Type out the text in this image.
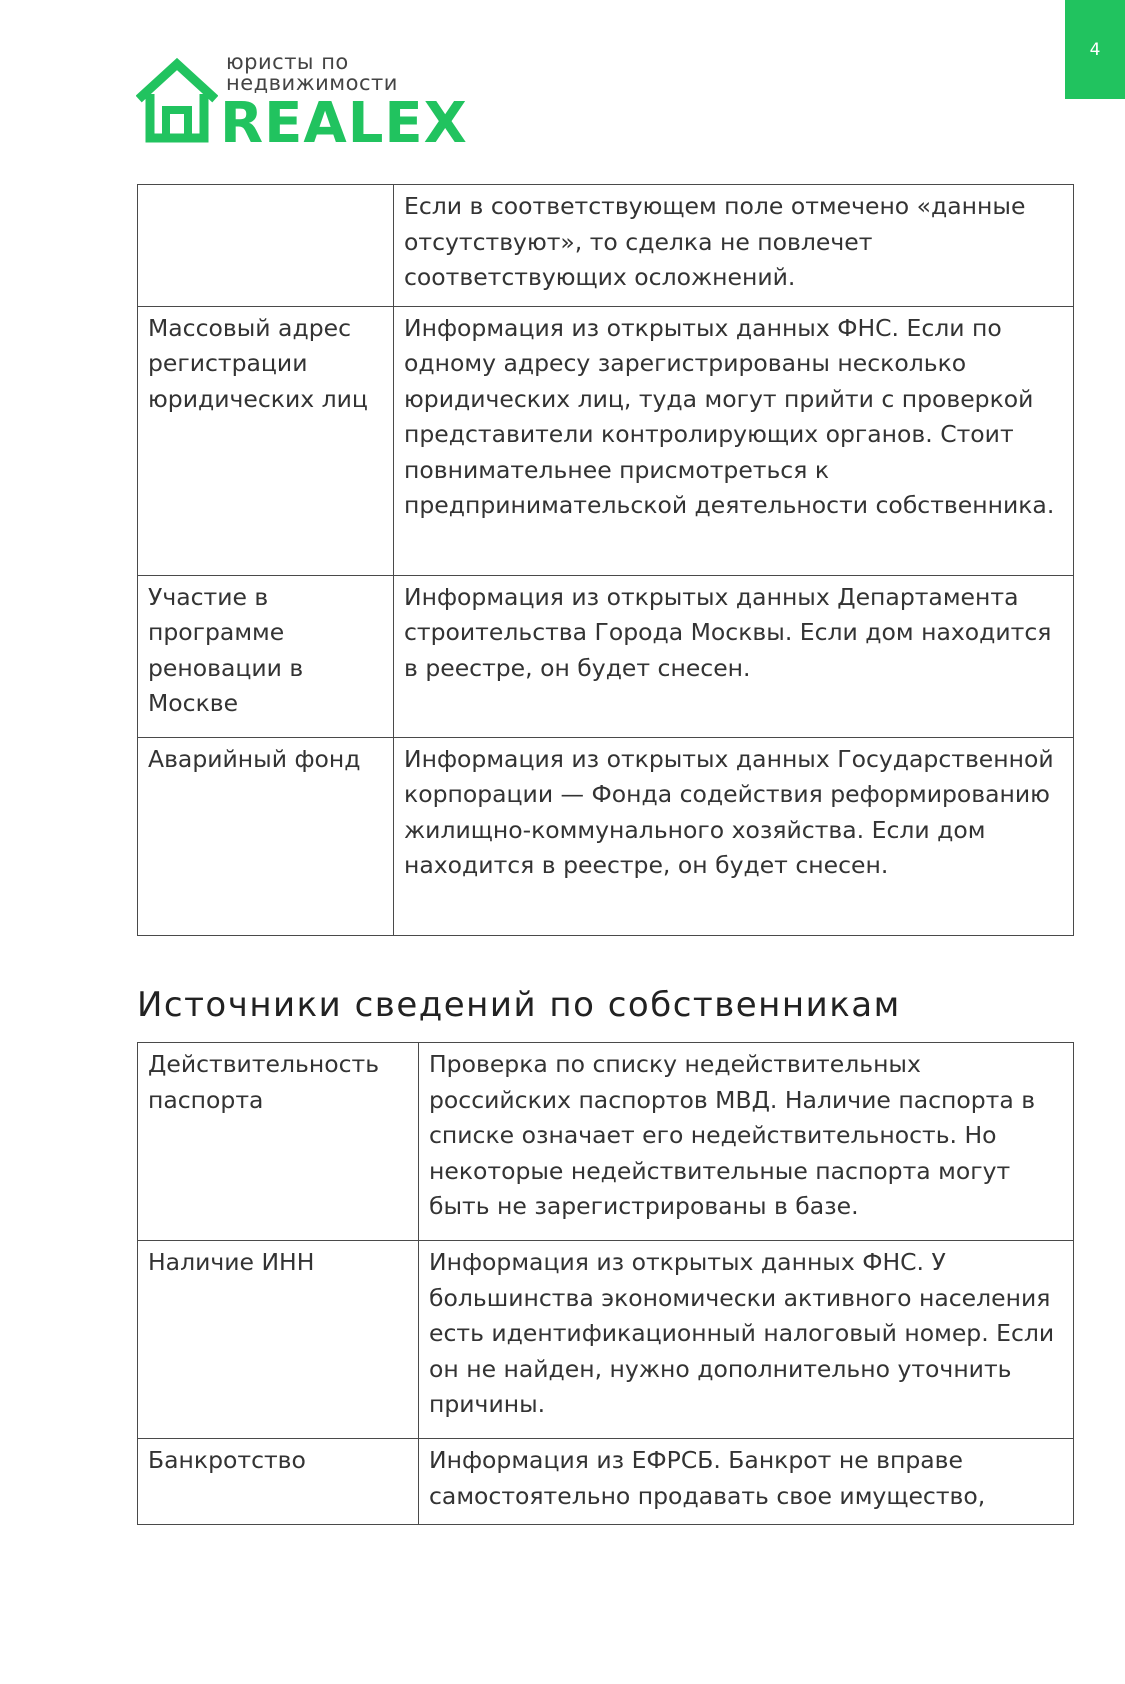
4
юристы по
недвижимости
REALEX
	Если в соответствующем поле отмечено «данные отсутствуют», то сделка не повлечет соответствующих осложнений.
Массовый адрес регистрации юридических лиц	Информация из открытых данных ФНС. Если по одному адресу зарегистрированы несколько юридических лиц, туда могут прийти с проверкой представители контролирующих органов. Стоит повнимательнее присмотреться к предпринимательской деятельности собственника.
Участие в программе реновации в Москве	Информация из открытых данных Департамента строительства Города Москвы. Если дом находится в реестре, он будет снесен.
Аварийный фонд	Информация из открытых данных Государственной корпорации — Фонда содействия реформированию жилищно-коммунального хозяйства. Если дом находится в реестре, он будет снесен.
Источники сведений по собственникам
Действительность паспорта	Проверка по списку недействительных российских паспортов МВД. Наличие паспорта в списке означает его недействительность. Но некоторые недействительные паспорта могут быть не зарегистрированы в базе.
Наличие ИНН	Информация из открытых данных ФНС. У большинства экономически активного населения есть идентификационный налоговый номер. Если он не найден, нужно дополнительно уточнить причины.
Банкротство	Информация из ЕФРСБ. Банкрот не вправе самостоятельно продавать свое имущество,
